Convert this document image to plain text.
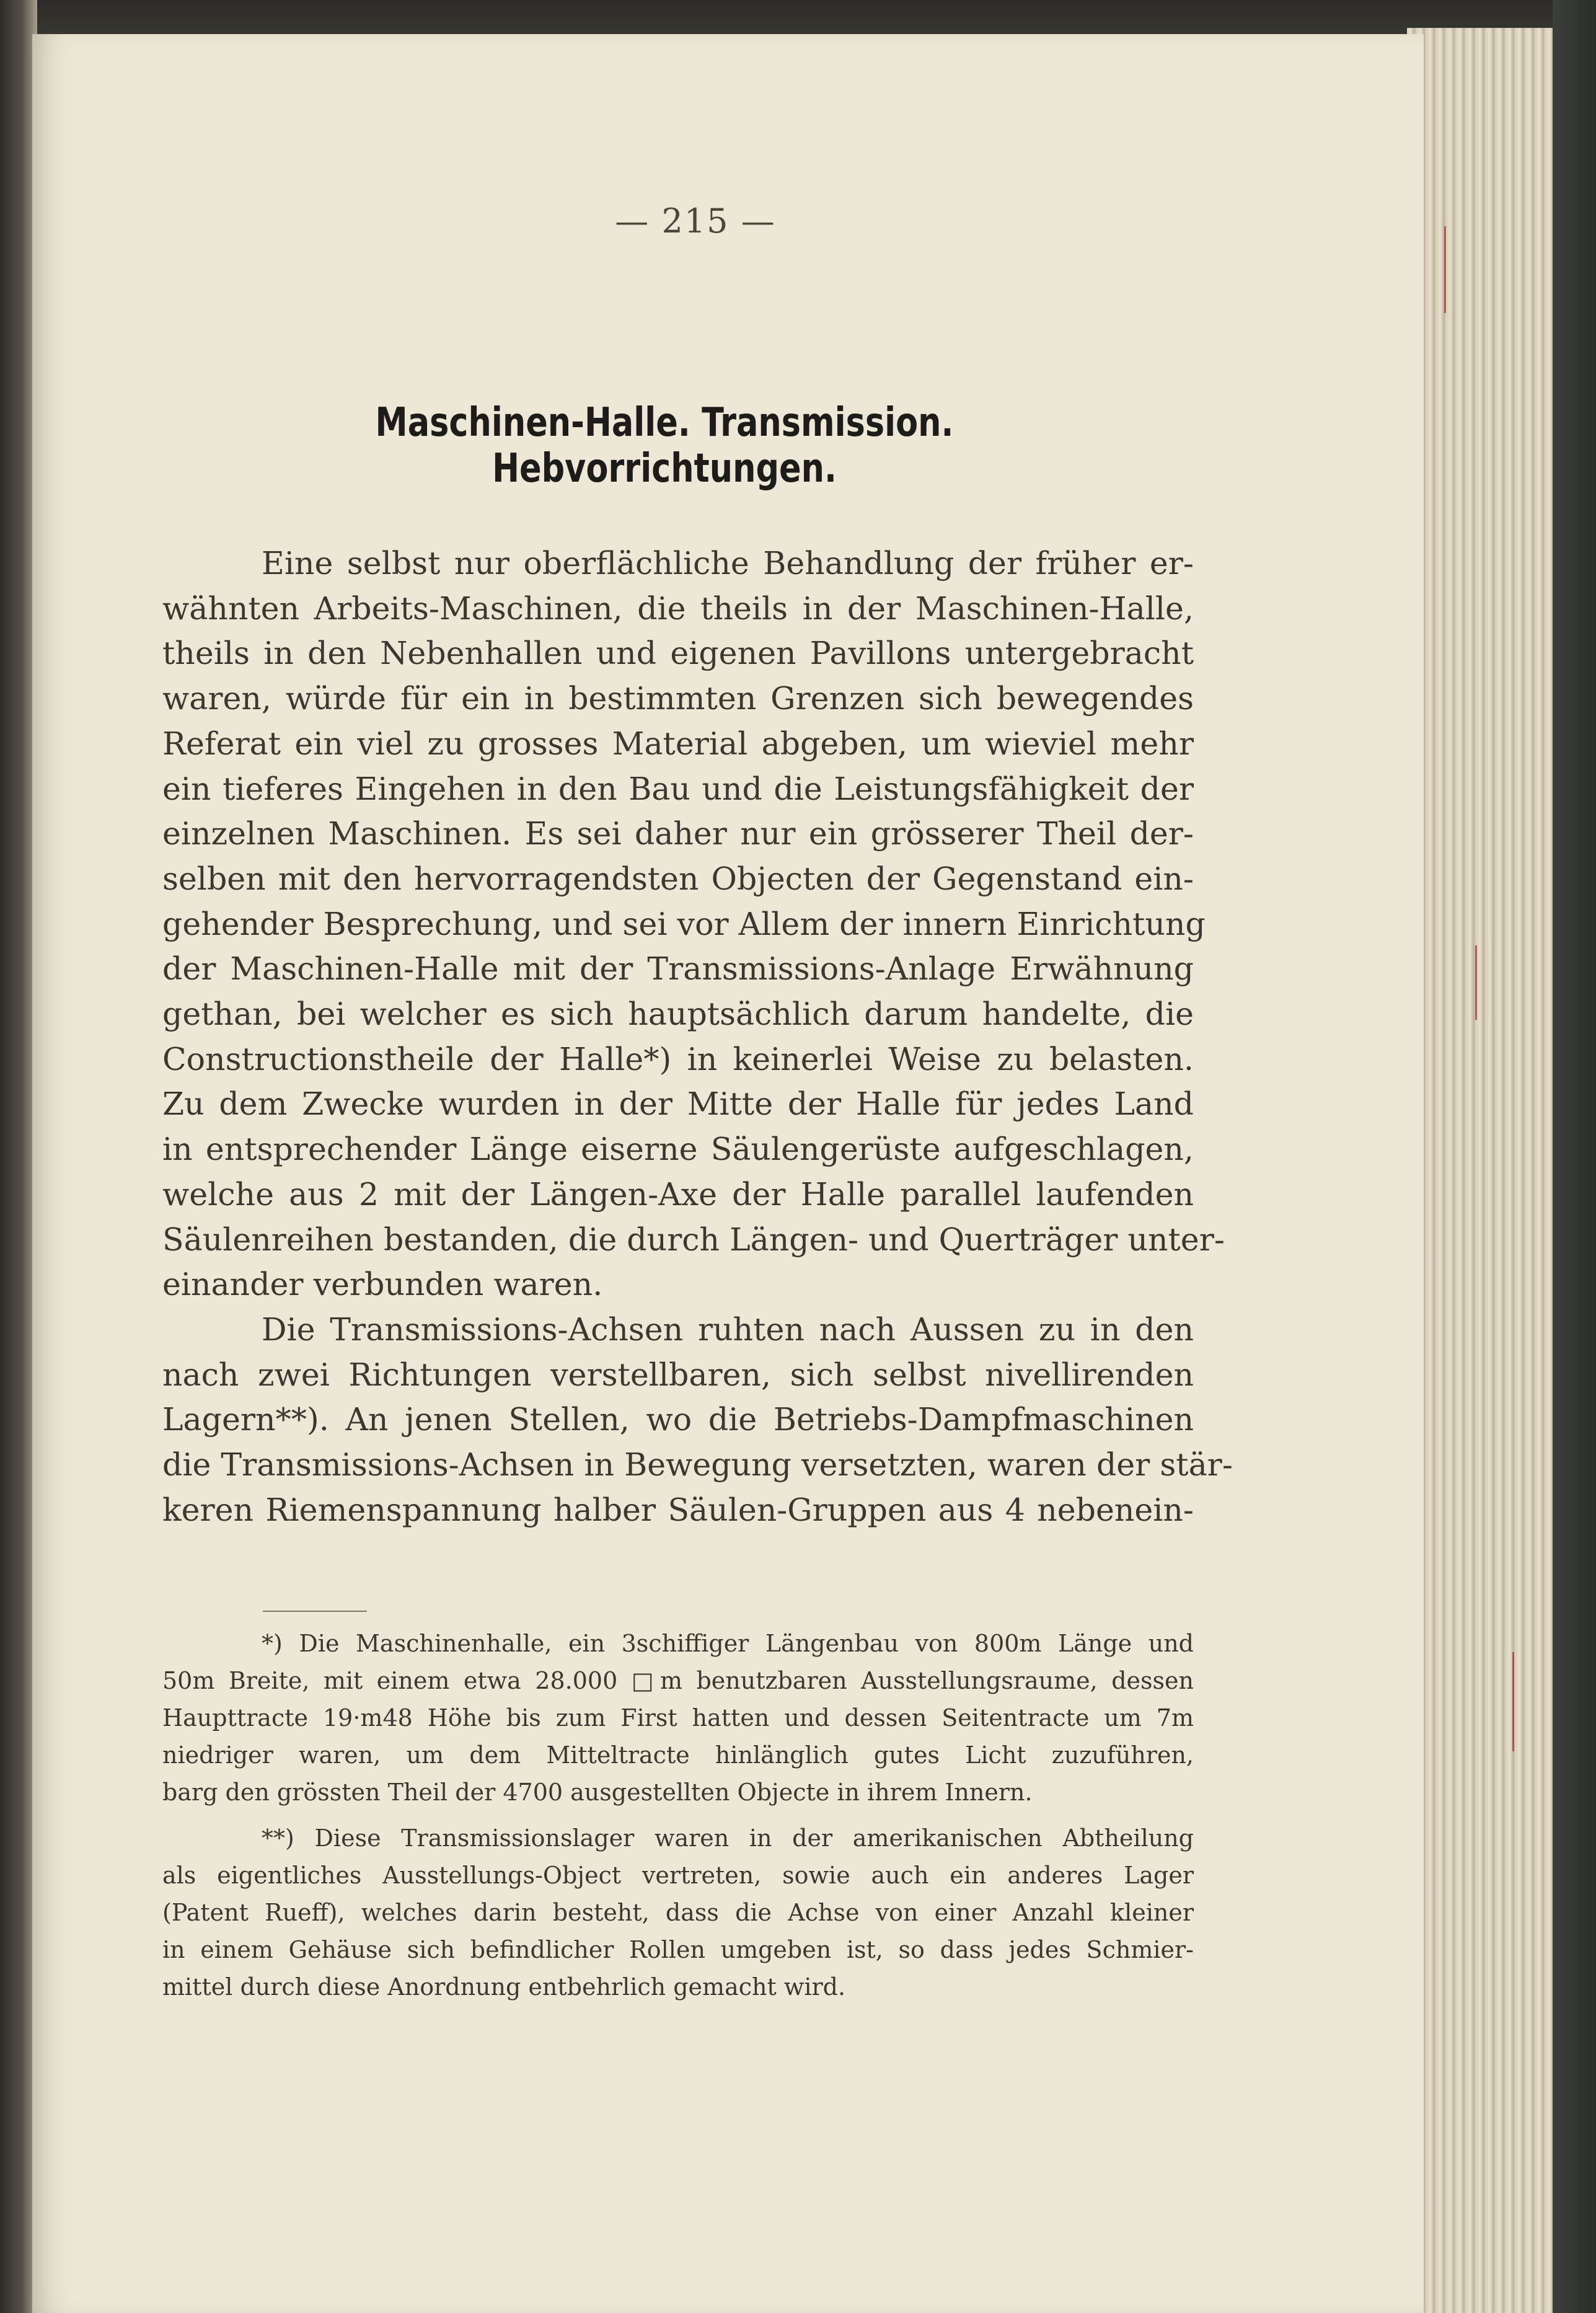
— 215 —
Maschinen-Halle. Transmission. Hebvorrichtungen.
Eine selbst nur oberflächliche Behandlung der früher er-
wähnten Arbeits-Maschinen, die theils in der Maschinen-Halle,
theils in den Nebenhallen und eigenen Pavillons untergebracht
waren, würde für ein in bestimmten Grenzen sich bewegendes
Referat ein viel zu grosses Material abgeben, um wieviel mehr
ein tieferes Eingehen in den Bau und die Leistungsfähigkeit der
einzelnen Maschinen. Es sei daher nur ein grösserer Theil der-
selben mit den hervorragendsten Objecten der Gegenstand ein-
gehender Besprechung, und sei vor Allem der innern Einrichtung
der Maschinen-Halle mit der Transmissions-Anlage Erwähnung
gethan, bei welcher es sich hauptsächlich darum handelte, die
Constructionstheile der Halle*) in keinerlei Weise zu belasten.
Zu dem Zwecke wurden in der Mitte der Halle für jedes Land
in entsprechender Länge eiserne Säulengerüste aufgeschlagen,
welche aus 2 mit der Längen-Axe der Halle parallel laufenden
Säulenreihen bestanden, die durch Längen- und Querträger unter-
einander verbunden waren.
Die Transmissions-Achsen ruhten nach Aussen zu in den
nach zwei Richtungen verstellbaren, sich selbst nivellirenden
Lagern**). An jenen Stellen, wo die Betriebs-Dampfmaschinen
die Transmissions-Achsen in Bewegung versetzten, waren der stär-
keren Riemenspannung halber Säulen-Gruppen aus 4 nebenein-
*) Die Maschinenhalle, ein 3schiffiger Längenbau von 800m Länge und
50m Breite, mit einem etwa 28.000 □m benutzbaren Ausstellungsraume, dessen
Haupttracte 19·m48 Höhe bis zum First hatten und dessen Seitentracte um 7m
niedriger waren, um dem Mitteltracte hinlänglich gutes Licht zuzuführen,
barg den grössten Theil der 4700 ausgestellten Objecte in ihrem Innern.
**) Diese Transmissionslager waren in der amerikanischen Abtheilung
als eigentliches Ausstellungs-Object vertreten, sowie auch ein anderes Lager
(Patent Rueff), welches darin besteht, dass die Achse von einer Anzahl kleiner
in einem Gehäuse sich befindlicher Rollen umgeben ist, so dass jedes Schmier-
mittel durch diese Anordnung entbehrlich gemacht wird.
